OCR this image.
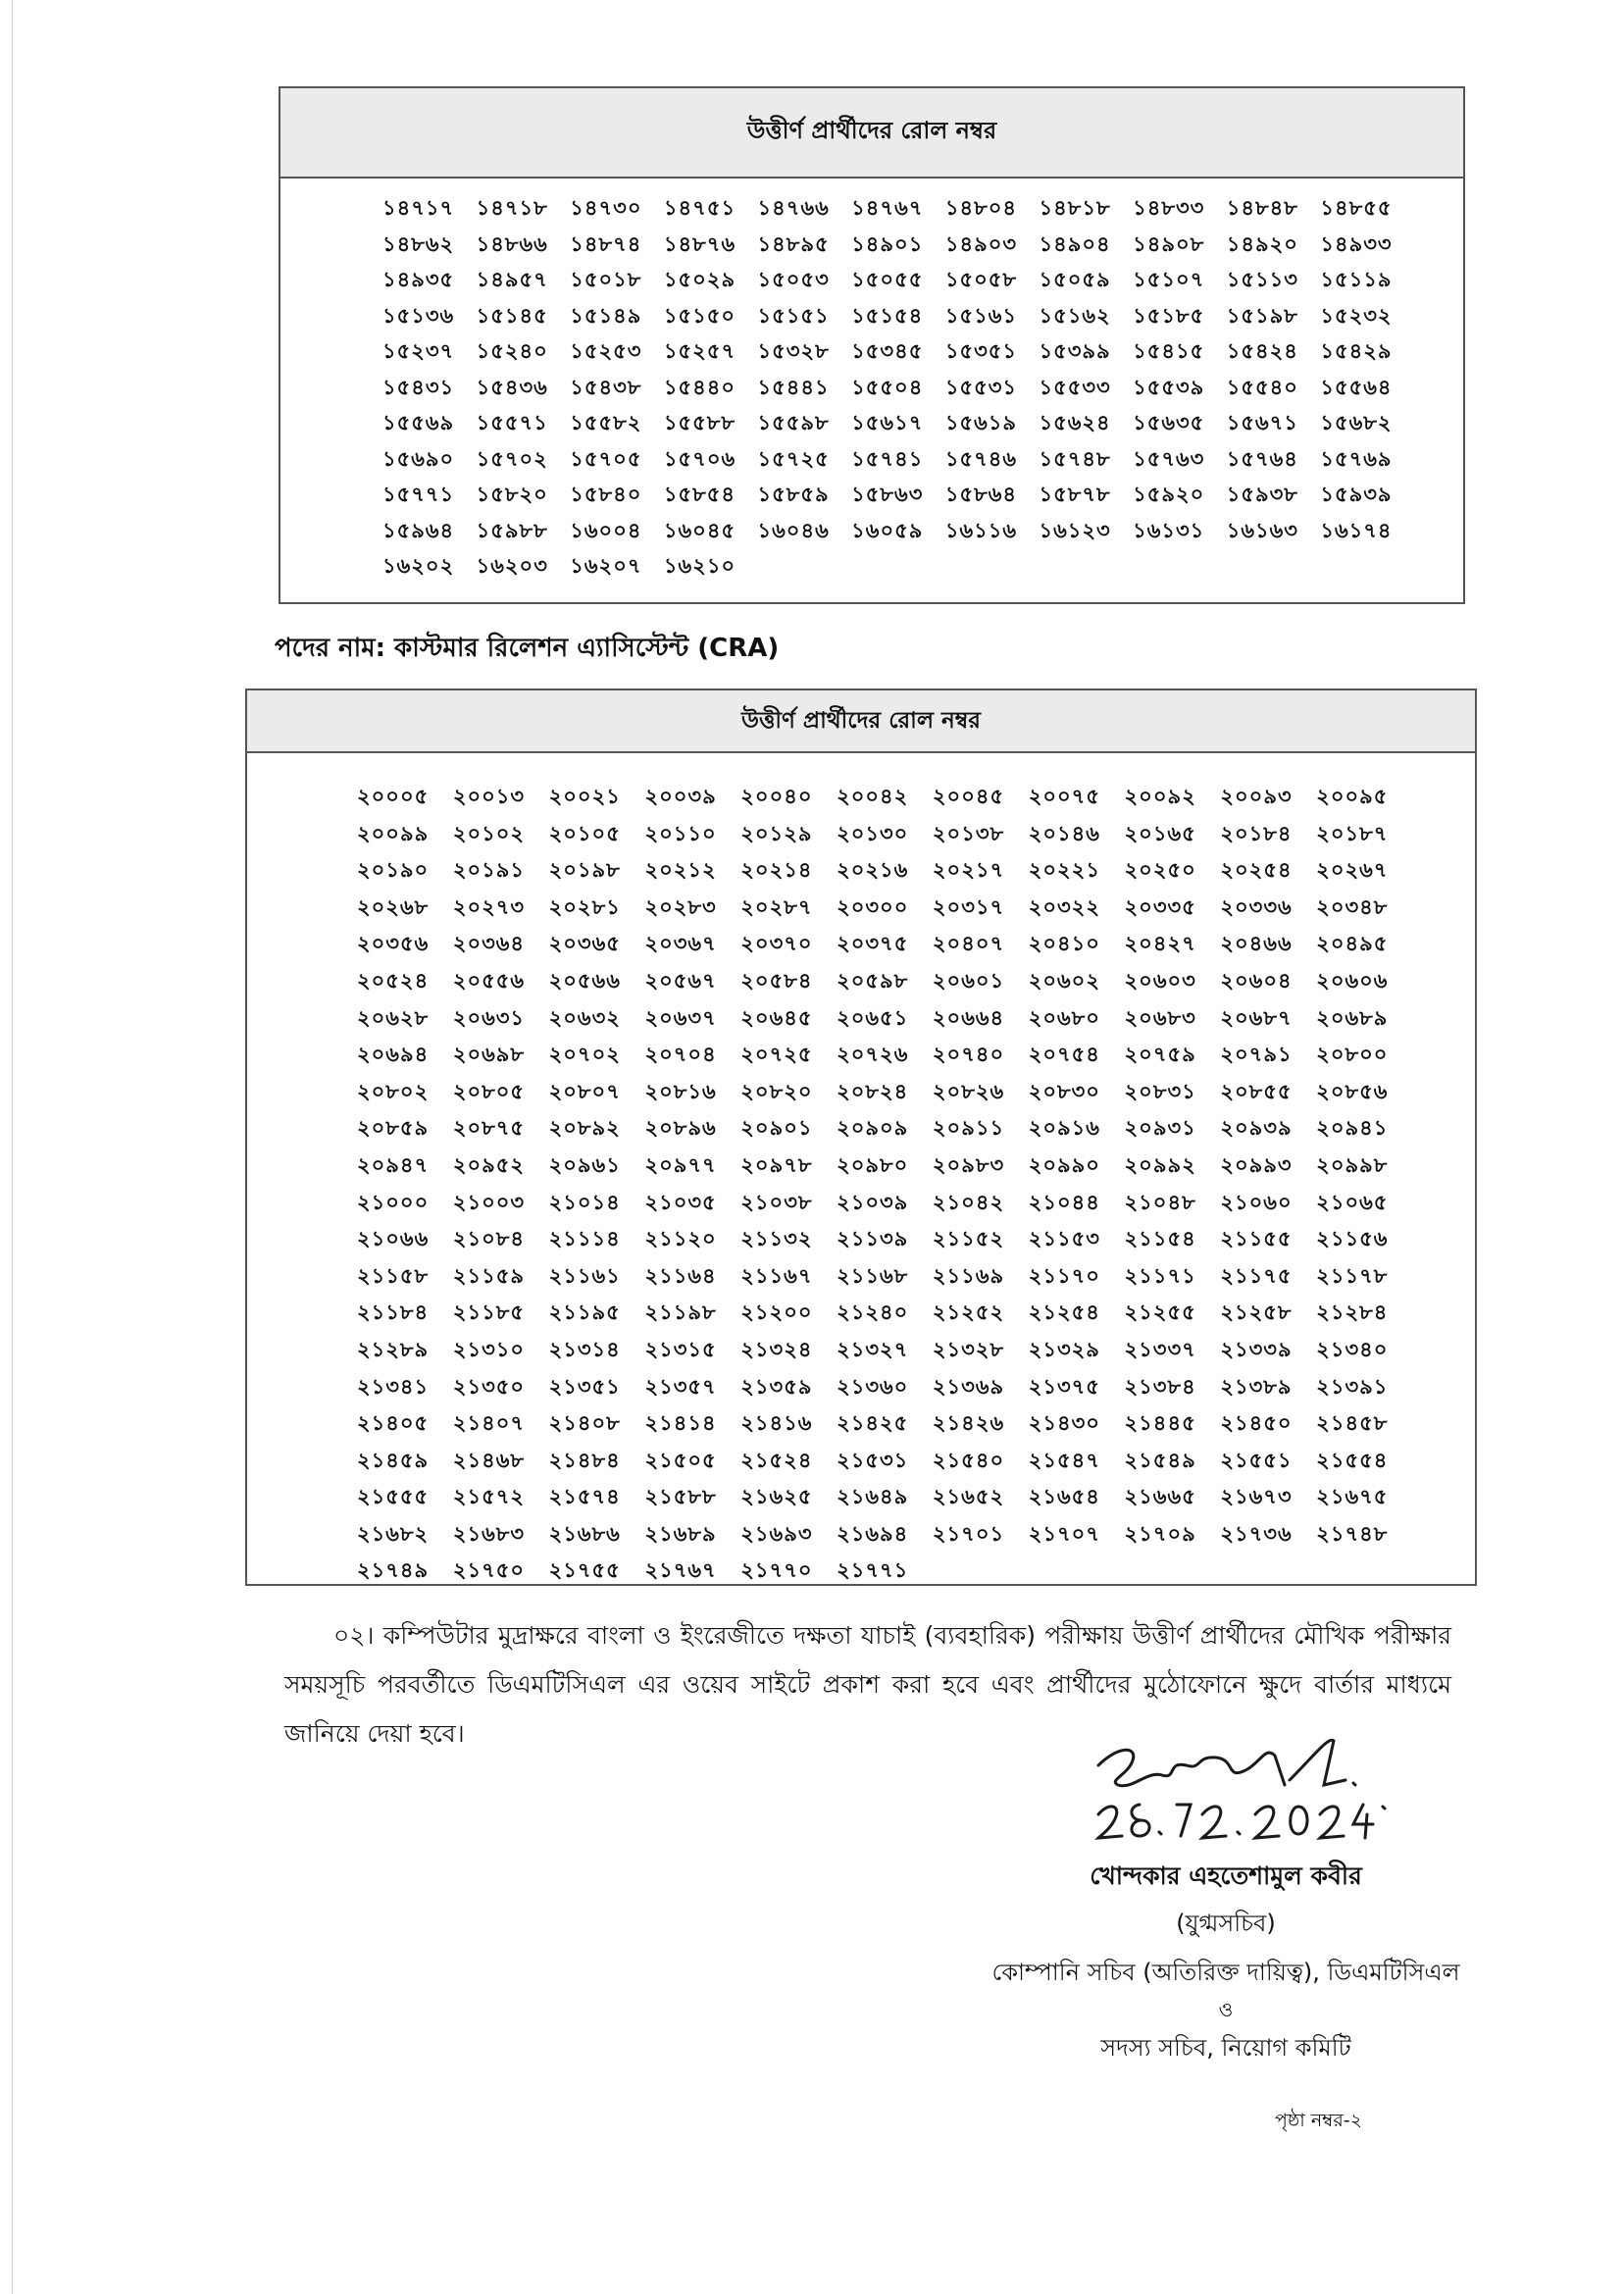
উত্তীর্ণ প্রার্থীদের রোল নম্বর
১৪৭১৭	১৪৭১৮	১৪৭৩০	১৪৭৫১	১৪৭৬৬	১৪৭৬৭	১৪৮০৪	১৪৮১৮	১৪৮৩৩	১৪৮৪৮	১৪৮৫৫
১৪৮৬২	১৪৮৬৬	১৪৮৭৪	১৪৮৭৬	১৪৮৯৫	১৪৯০১	১৪৯০৩	১৪৯০৪	১৪৯০৮	১৪৯২০	১৪৯৩৩
১৪৯৩৫	১৪৯৫৭	১৫০১৮	১৫০২৯	১৫০৫৩	১৫০৫৫	১৫০৫৮	১৫০৫৯	১৫১০৭	১৫১১৩	১৫১১৯
১৫১৩৬	১৫১৪৫	১৫১৪৯	১৫১৫০	১৫১৫১	১৫১৫৪	১৫১৬১	১৫১৬২	১৫১৮৫	১৫১৯৮	১৫২৩২
১৫২৩৭	১৫২৪০	১৫২৫৩	১৫২৫৭	১৫৩২৮	১৫৩৪৫	১৫৩৫১	১৫৩৯৯	১৫৪১৫	১৫৪২৪	১৫৪২৯
১৫৪৩১	১৫৪৩৬	১৫৪৩৮	১৫৪৪০	১৫৪৪১	১৫৫০৪	১৫৫৩১	১৫৫৩৩	১৫৫৩৯	১৫৫৪০	১৫৫৬৪
১৫৫৬৯	১৫৫৭১	১৫৫৮২	১৫৫৮৮	১৫৫৯৮	১৫৬১৭	১৫৬১৯	১৫৬২৪	১৫৬৩৫	১৫৬৭১	১৫৬৮২
১৫৬৯০	১৫৭০২	১৫৭০৫	১৫৭০৬	১৫৭২৫	১৫৭৪১	১৫৭৪৬	১৫৭৪৮	১৫৭৬৩	১৫৭৬৪	১৫৭৬৯
১৫৭৭১	১৫৮২০	১৫৮৪০	১৫৮৫৪	১৫৮৫৯	১৫৮৬৩	১৫৮৬৪	১৫৮৭৮	১৫৯২০	১৫৯৩৮	১৫৯৩৯
১৫৯৬৪	১৫৯৮৮	১৬০০৪	১৬০৪৫	১৬০৪৬	১৬০৫৯	১৬১১৬	১৬১২৩	১৬১৩১	১৬১৬৩	১৬১৭৪
১৬২০২	১৬২০৩	১৬২০৭	১৬২১০
পদের নাম: কাস্টমার রিলেশন এ্যাসিস্টেন্ট (CRA)
উত্তীর্ণ প্রার্থীদের রোল নম্বর
২০০০৫	২০০১৩	২০০২১	২০০৩৯	২০০৪০	২০০৪২	২০০৪৫	২০০৭৫	২০০৯২	২০০৯৩	২০০৯৫
২০০৯৯	২০১০২	২০১০৫	২০১১০	২০১২৯	২০১৩০	২০১৩৮	২০১৪৬	২০১৬৫	২০১৮৪	২০১৮৭
২০১৯০	২০১৯১	২০১৯৮	২০২১২	২০২১৪	২০২১৬	২০২১৭	২০২২১	২০২৫০	২০২৫৪	২০২৬৭
২০২৬৮	২০২৭৩	২০২৮১	২০২৮৩	২০২৮৭	২০৩০০	২০৩১৭	২০৩২২	২০৩৩৫	২০৩৩৬	২০৩৪৮
২০৩৫৬	২০৩৬৪	২০৩৬৫	২০৩৬৭	২০৩৭০	২০৩৭৫	২০৪০৭	২০৪১০	২০৪২৭	২০৪৬৬	২০৪৯৫
২০৫২৪	২০৫৫৬	২০৫৬৬	২০৫৬৭	২০৫৮৪	২০৫৯৮	২০৬০১	২০৬০২	২০৬০৩	২০৬০৪	২০৬০৬
২০৬২৮	২০৬৩১	২০৬৩২	২০৬৩৭	২০৬৪৫	২০৬৫১	২০৬৬৪	২০৬৮০	২০৬৮৩	২০৬৮৭	২০৬৮৯
২০৬৯৪	২০৬৯৮	২০৭০২	২০৭০৪	২০৭২৫	২০৭২৬	২০৭৪০	২০৭৫৪	২০৭৫৯	২০৭৯১	২০৮০০
২০৮০২	২০৮০৫	২০৮০৭	২০৮১৬	২০৮২০	২০৮২৪	২০৮২৬	২০৮৩০	২০৮৩১	২০৮৫৫	২০৮৫৬
২০৮৫৯	২০৮৭৫	২০৮৯২	২০৮৯৬	২০৯০১	২০৯০৯	২০৯১১	২০৯১৬	২০৯৩১	২০৯৩৯	২০৯৪১
২০৯৪৭	২০৯৫২	২০৯৬১	২০৯৭৭	২০৯৭৮	২০৯৮০	২০৯৮৩	২০৯৯০	২০৯৯২	২০৯৯৩	২০৯৯৮
২১০০০	২১০০৩	২১০১৪	২১০৩৫	২১০৩৮	২১০৩৯	২১০৪২	২১০৪৪	২১০৪৮	২১০৬০	২১০৬৫
২১০৬৬	২১০৮৪	২১১১৪	২১১২০	২১১৩২	২১১৩৯	২১১৫২	২১১৫৩	২১১৫৪	২১১৫৫	২১১৫৬
২১১৫৮	২১১৫৯	২১১৬১	২১১৬৪	২১১৬৭	২১১৬৮	২১১৬৯	২১১৭০	২১১৭১	২১১৭৫	২১১৭৮
২১১৮৪	২১১৮৫	২১১৯৫	২১১৯৮	২১২০০	২১২৪০	২১২৫২	২১২৫৪	২১২৫৫	২১২৫৮	২১২৮৪
২১২৮৯	২১৩১০	২১৩১৪	২১৩১৫	২১৩২৪	২১৩২৭	২১৩২৮	২১৩২৯	২১৩৩৭	২১৩৩৯	২১৩৪০
২১৩৪১	২১৩৫০	২১৩৫১	২১৩৫৭	২১৩৫৯	২১৩৬০	২১৩৬৯	২১৩৭৫	২১৩৮৪	২১৩৮৯	২১৩৯১
২১৪০৫	২১৪০৭	২১৪০৮	২১৪১৪	২১৪১৬	২১৪২৫	২১৪২৬	২১৪৩০	২১৪৪৫	২১৪৫০	২১৪৫৮
২১৪৫৯	২১৪৬৮	২১৪৮৪	২১৫০৫	২১৫২৪	২১৫৩১	২১৫৪০	২১৫৪৭	২১৫৪৯	২১৫৫১	২১৫৫৪
২১৫৫৫	২১৫৭২	২১৫৭৪	২১৫৮৮	২১৬২৫	২১৬৪৯	২১৬৫২	২১৬৫৪	২১৬৬৫	২১৬৭৩	২১৬৭৫
২১৬৮২	২১৬৮৩	২১৬৮৬	২১৬৮৯	২১৬৯৩	২১৬৯৪	২১৭০১	২১৭০৭	২১৭০৯	২১৭৩৬	২১৭৪৮
২১৭৪৯	২১৭৫০	২১৭৫৫	২১৭৬৭	২১৭৭০	২১৭৭১
০২। কম্পিউটার মুদ্রাক্ষরে বাংলা ও ইংরেজীতে দক্ষতা যাচাই (ব্যবহারিক) পরীক্ষায় উত্তীর্ণ প্রার্থীদের মৌখিক পরীক্ষার সময়সূচি পরবর্তীতে ডিএমটিসিএল এর ওয়েব সাইটে প্রকাশ করা হবে এবং প্রার্থীদের মুঠোফোনে ক্ষুদে বার্তার মাধ্যমে জানিয়ে দেয়া হবে।
খোন্দকার এহতেশামুল কবীর
(যুগ্মসচিব)
কোম্পানি সচিব (অতিরিক্ত দায়িত্ব), ডিএমটিসিএল
ও
সদস্য সচিব, নিয়োগ কমিটি
পৃষ্ঠা নম্বর-২
